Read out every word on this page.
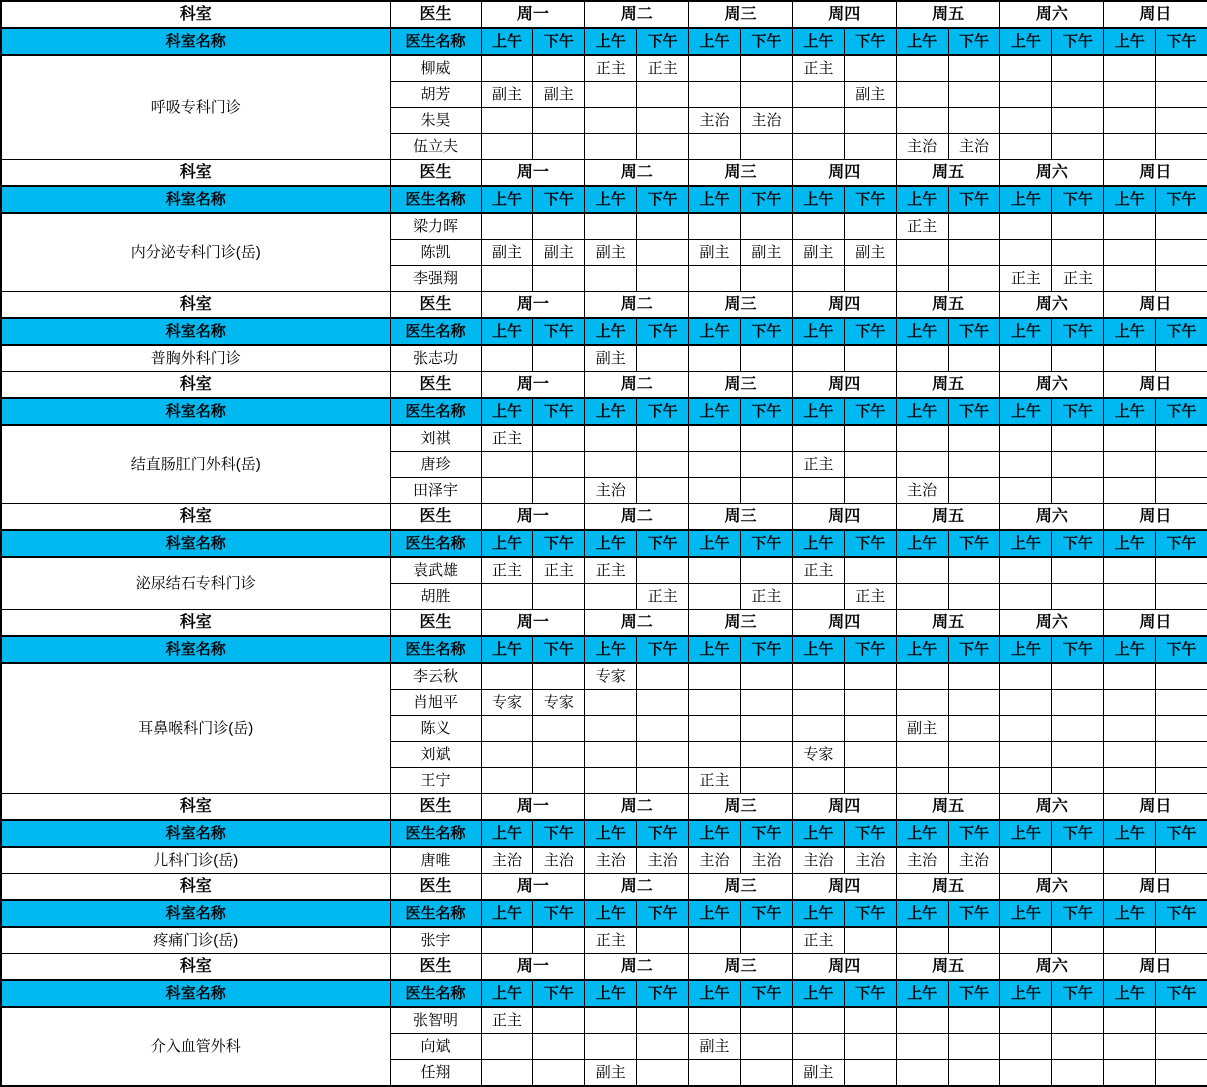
科室	医生	周一		周二		周三		周四		周五		周六		周日	
科室名称	医生名称	上午	下午	上午	下午	上午	下午	上午	下午	上午	下午	上午	下午	上午	下午
呼吸专科门诊	柳威			正主	正主			正主							
	胡芳	副主	副主						副主						
	朱昊					主治	主治								
	伍立夫									主治	主治				
科室	医生	周一		周二		周三		周四		周五		周六		周日	
科室名称	医生名称	上午	下午	上午	下午	上午	下午	上午	下午	上午	下午	上午	下午	上午	下午
内分泌专科门诊(岳)	梁力晖									正主					
	陈凯	副主	副主	副主		副主	副主	副主	副主						
	李强翔											正主	正主		
科室	医生	周一		周二		周三		周四		周五		周六		周日	
科室名称	医生名称	上午	下午	上午	下午	上午	下午	上午	下午	上午	下午	上午	下午	上午	下午
普胸外科门诊	张志功			副主											
科室	医生	周一		周二		周三		周四		周五		周六		周日	
科室名称	医生名称	上午	下午	上午	下午	上午	下午	上午	下午	上午	下午	上午	下午	上午	下午
结直肠肛门外科(岳)	刘祺	正主													
	唐珍							正主							
	田泽宇			主治						主治					
科室	医生	周一		周二		周三		周四		周五		周六		周日	
科室名称	医生名称	上午	下午	上午	下午	上午	下午	上午	下午	上午	下午	上午	下午	上午	下午
泌尿结石专科门诊	袁武雄	正主	正主	正主				正主							
	胡胜				正主		正主		正主						
科室	医生	周一		周二		周三		周四		周五		周六		周日	
科室名称	医生名称	上午	下午	上午	下午	上午	下午	上午	下午	上午	下午	上午	下午	上午	下午
耳鼻喉科门诊(岳)	李云秋			专家											
	肖旭平	专家	专家												
	陈义									副主					
	刘斌							专家							
	王宁					正主									
科室	医生	周一		周二		周三		周四		周五		周六		周日	
科室名称	医生名称	上午	下午	上午	下午	上午	下午	上午	下午	上午	下午	上午	下午	上午	下午
儿科门诊(岳)	唐唯	主治	主治	主治	主治	主治	主治	主治	主治	主治	主治				
科室	医生	周一		周二		周三		周四		周五		周六		周日	
科室名称	医生名称	上午	下午	上午	下午	上午	下午	上午	下午	上午	下午	上午	下午	上午	下午
疼痛门诊(岳)	张宇			正主				正主							
科室	医生	周一		周二		周三		周四		周五		周六		周日	
科室名称	医生名称	上午	下午	上午	下午	上午	下午	上午	下午	上午	下午	上午	下午	上午	下午
介入血管外科	张智明	正主													
	向斌					副主									
	任翔			副主				副主							
